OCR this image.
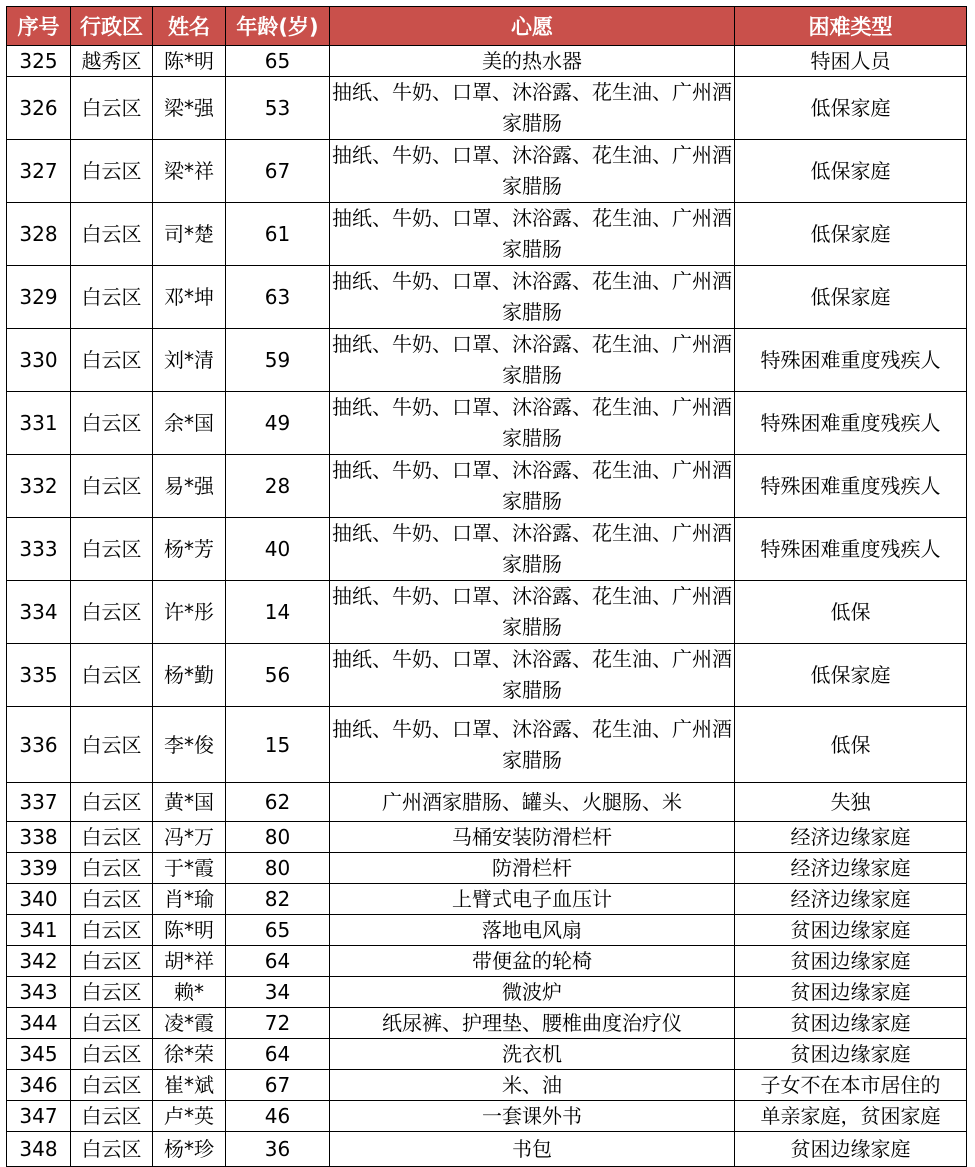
序号	行政区	姓名	年龄(岁)	心愿	困难类型
325	越秀区	陈*明	65	美的热水器	特困人员
326	白云区	梁*强	53	抽纸、牛奶、口罩、沐浴露、花生油、广州酒家腊肠	低保家庭
327	白云区	梁*祥	67	抽纸、牛奶、口罩、沐浴露、花生油、广州酒家腊肠	低保家庭
328	白云区	司*楚	61	抽纸、牛奶、口罩、沐浴露、花生油、广州酒家腊肠	低保家庭
329	白云区	邓*坤	63	抽纸、牛奶、口罩、沐浴露、花生油、广州酒家腊肠	低保家庭
330	白云区	刘*清	59	抽纸、牛奶、口罩、沐浴露、花生油、广州酒家腊肠	特殊困难重度残疾人
331	白云区	余*国	49	抽纸、牛奶、口罩、沐浴露、花生油、广州酒家腊肠	特殊困难重度残疾人
332	白云区	易*强	28	抽纸、牛奶、口罩、沐浴露、花生油、广州酒家腊肠	特殊困难重度残疾人
333	白云区	杨*芳	40	抽纸、牛奶、口罩、沐浴露、花生油、广州酒家腊肠	特殊困难重度残疾人
334	白云区	许*彤	14	抽纸、牛奶、口罩、沐浴露、花生油、广州酒家腊肠	低保
335	白云区	杨*勤	56	抽纸、牛奶、口罩、沐浴露、花生油、广州酒家腊肠	低保家庭
336	白云区	李*俊	15	抽纸、牛奶、口罩、沐浴露、花生油、广州酒家腊肠	低保
337	白云区	黄*国	62	广州酒家腊肠、罐头、火腿肠、米	失独
338	白云区	冯*万	80	马桶安装防滑栏杆	经济边缘家庭
339	白云区	于*霞	80	防滑栏杆	经济边缘家庭
340	白云区	肖*瑜	82	上臂式电子血压计	经济边缘家庭
341	白云区	陈*明	65	落地电风扇	贫困边缘家庭
342	白云区	胡*祥	64	带便盆的轮椅	贫困边缘家庭
343	白云区	赖*	34	微波炉	贫困边缘家庭
344	白云区	凌*霞	72	纸尿裤、护理垫、腰椎曲度治疗仪	贫困边缘家庭
345	白云区	徐*荣	64	洗衣机	贫困边缘家庭
346	白云区	崔*斌	67	米、油	子女不在本市居住的
347	白云区	卢*英	46	一套课外书	单亲家庭，贫困家庭
348	白云区	杨*珍	36	书包	贫困边缘家庭
